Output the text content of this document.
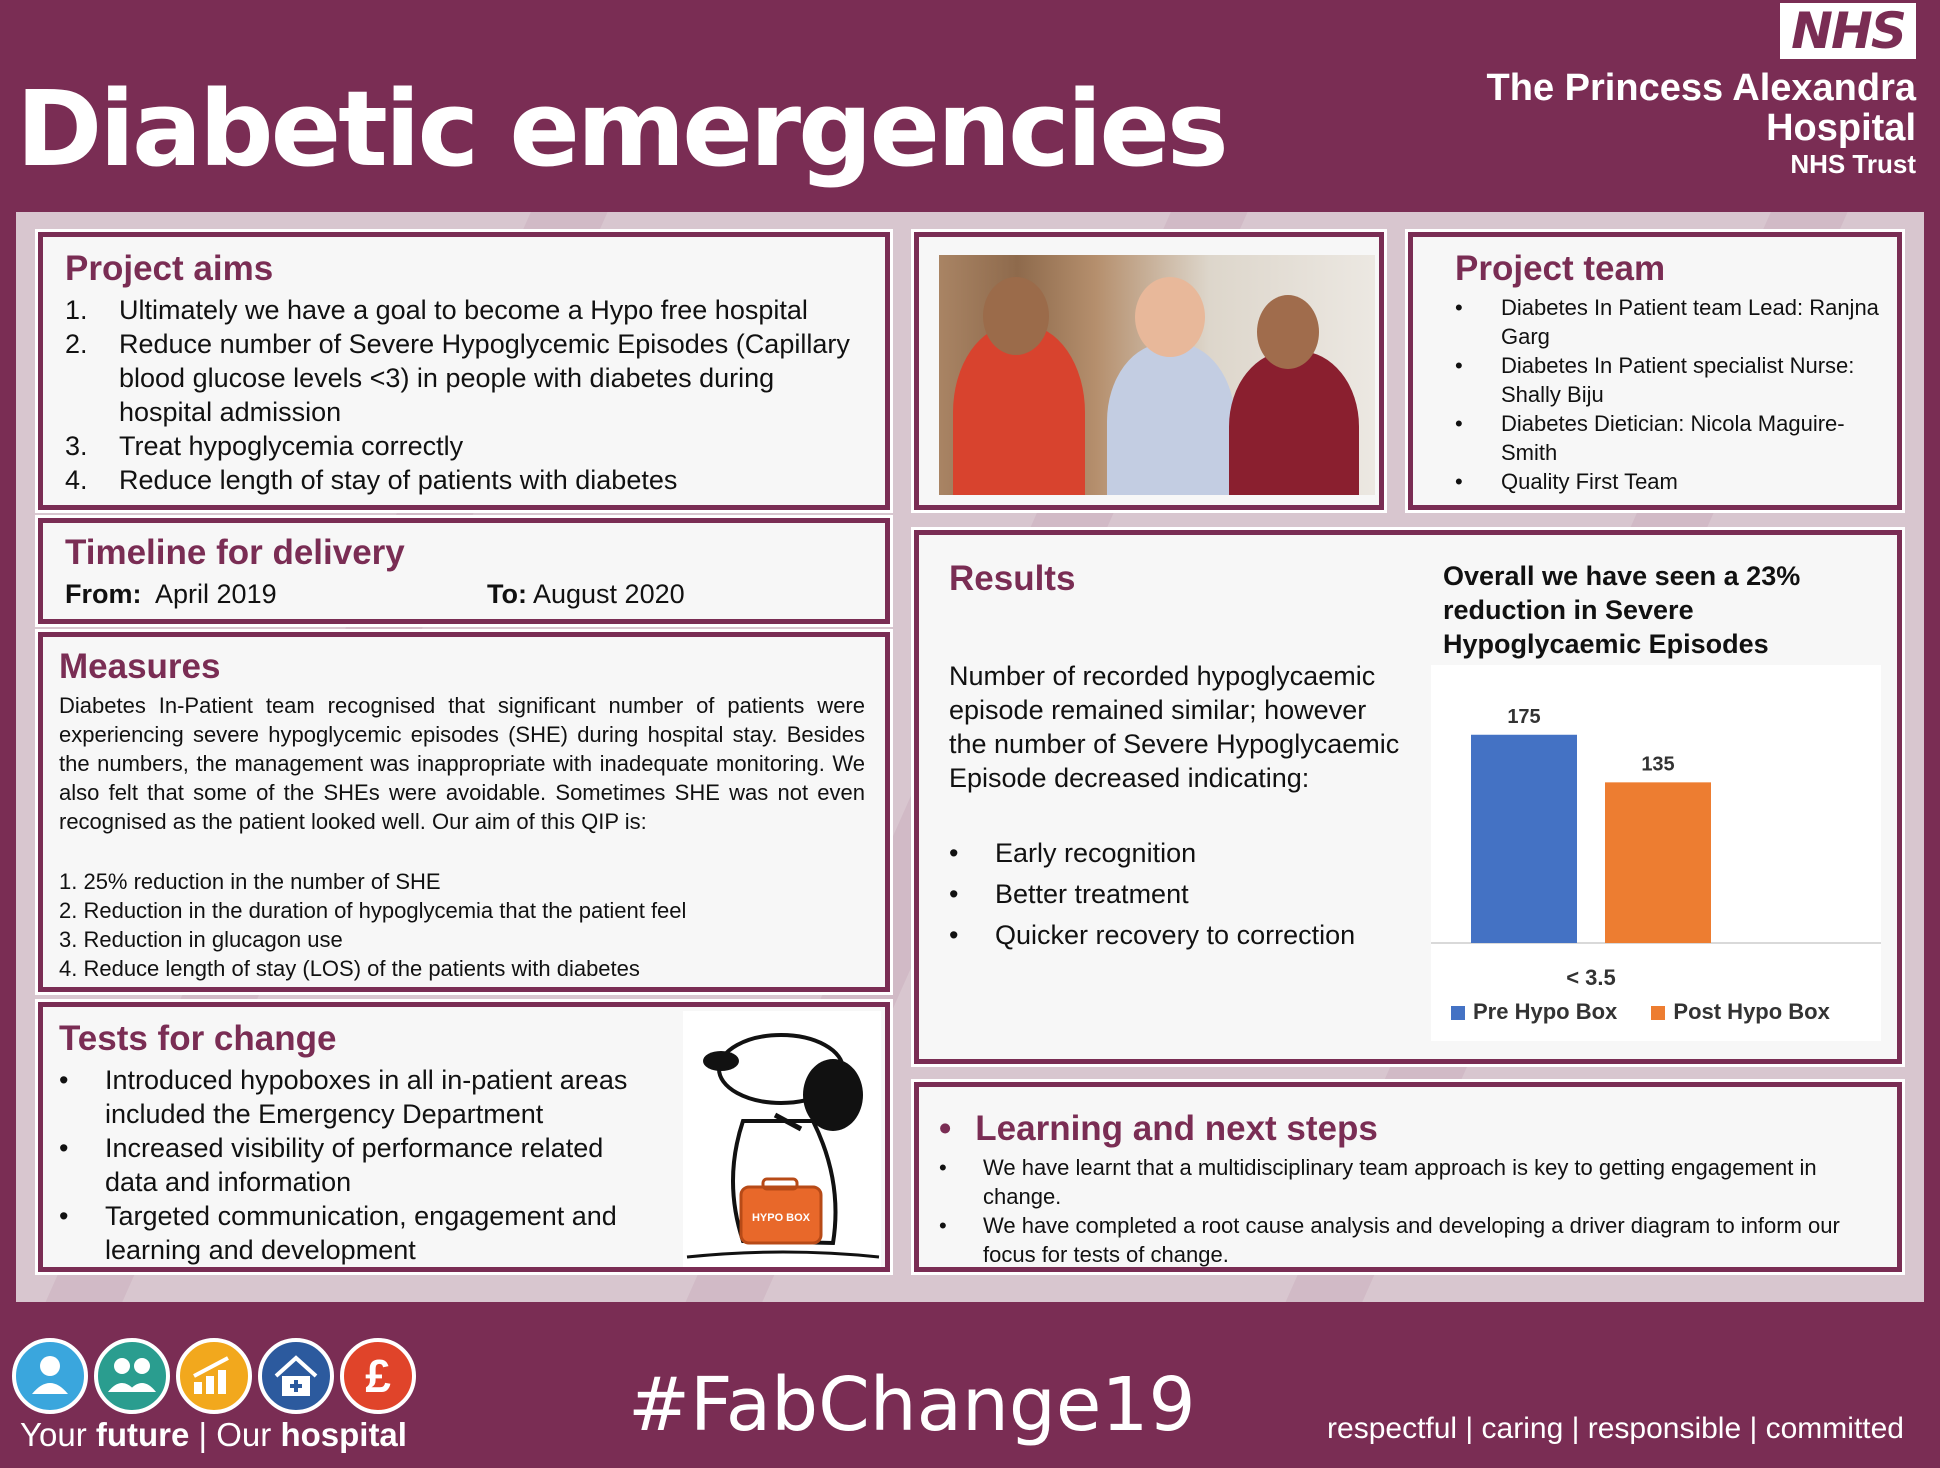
Diabetic emergencies
NHS
The Princess Alexandra
Hospital
NHS Trust
Project aims
1. Ultimately we have a goal to become a Hypo free hospital
2. Reduce number of Severe Hypoglycemic Episodes (Capillary blood glucose levels <3) in people with diabetes during hospital admission
3. Treat hypoglycemia correctly
4. Reduce length of stay of patients with diabetes
Timeline for delivery
From: April 2019	To: August 2020
Measures
Diabetes In-Patient team recognised that significant number of patients were experiencing severe hypoglycemic episodes (SHE) during hospital stay. Besides the numbers, the management was inappropriate with inadequate monitoring. We also felt that some of the SHEs were avoidable. Sometimes SHE was not even recognised as the patient looked well. Our aim of this QIP is:
1. 25% reduction in the number of SHE
2. Reduction in the duration of hypoglycemia that the patient feel
3. Reduction in glucagon use
4. Reduce length of stay (LOS) of the patients with diabetes
Tests for change
• Introduced hypoboxes in all in-patient areas included the Emergency Department
• Increased visibility of performance related data and information
• Targeted communication, engagement and learning and development
HYPO BOX
Project team
• Diabetes In Patient team Lead: Ranjna Garg
• Diabetes In Patient specialist Nurse: Shally Biju
• Diabetes Dietician: Nicola Maguire-Smith
• Quality First Team
Results	Overall we have seen a 23% reduction in Severe Hypoglycaemic Episodes
Number of recorded hypoglycaemic episode remained similar; however the number of Severe Hypoglycaemic Episode decreased indicating:
• Early recognition
• Better treatment
• Quicker recovery to correction
< 3.5
175
135
Pre Hypo Box	Post Hypo Box
• Learning and next steps
• We have learnt that a multidisciplinary team approach is key to getting engagement in change.
• We have completed a root cause analysis and developing a driver diagram to inform our focus for tests of change.
£
Your future | Our hospital	#FabChange19	respectful | caring | responsible | committed
